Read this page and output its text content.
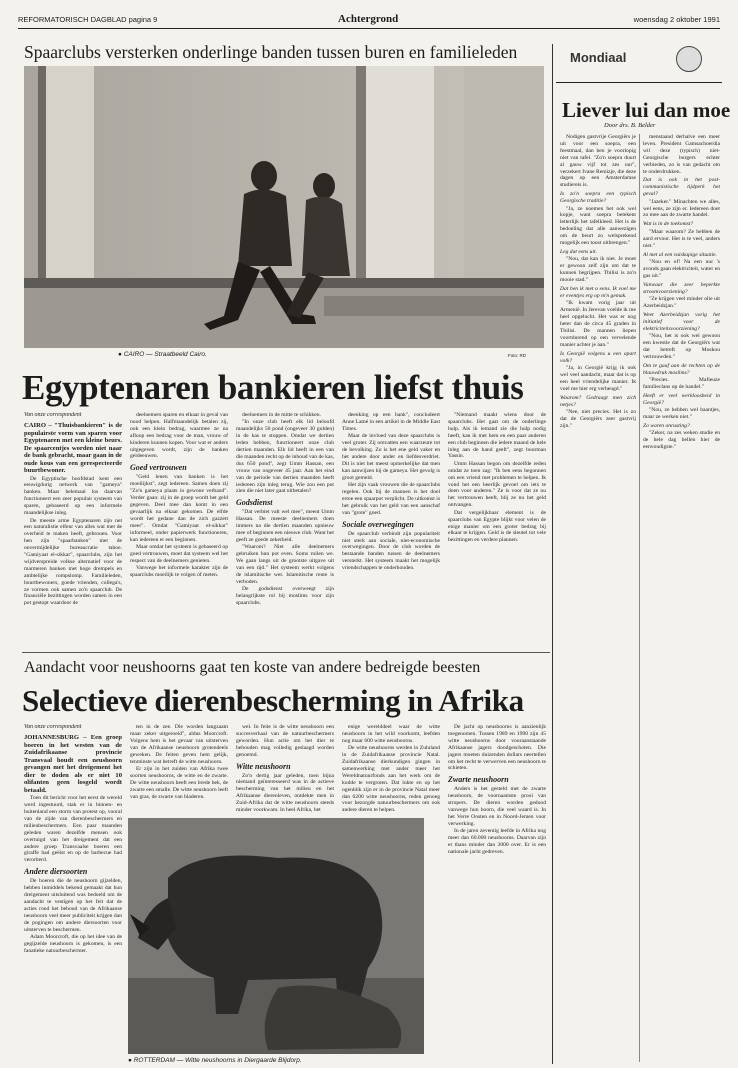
REFORMATORISCH DAGBLAD pagina 9	Achtergrond	woensdag 2 oktober 1991
Spaarclubs versterken onderlinge banden tussen buren en familieleden
● CAIRO — Straatbeeld Cairo.	Foto: RD
Egyptenaren bankieren liefst thuis

Van onze correspondent

CAIRO – "Thuisbankieren" is de populairste vorm van sparen voor Egyptenaren met een kleine beurs. De spaarcentjes worden niet naar de bank gebracht, maar gaan in de oude kous van een gerespecteerde buurtbewoner.

De Egyptische hoofdstad kent een eeuwigdurig netwerk van "gameya" banken. Maar helemaal los daarvan functioneert een zeer populair systeem van sparen, gebaseerd op een informele maandelijkse inleg.

De meeste arme Egyptenaren zijn net een naturalistie elfenr van alles wat met de overheid te maken heeft, gebrouen. Voor hen zijn "spaarbanken" met de onvermijdelijke bureaucratie taboe. "Gamiyaat el-sikkar", spaarclubs, zijn het wijdverspreide volkse alternatief voor de marmeren banken met hoge drempels en ambtelijke rompslomp. Familieleden, buurtbewoners, goede vrienden, collega's, ze vormen ook samen zo'n spaarclub. De financiële bezittingen worden samen in een pot gestopt waardoor de

deelnemers sparen en elkaar in geval van nood helpen. Halfmaandelijk betalen zij, ook een klein bedrag, waarmee ze na afloop een bedrag voor de man, vrouw of kinderen kunnen kopen. Voor wat er anders uitgegeven wordt, zijn de banken geldeeuwen.

Goed vertrouwen

"Geld lenen van banken is het moeilijkst", zegt iedereen. Samen doen zij "Zo'n gameya plaats in gewone verband". Verder gaan: zij in de groep wordt het geld gegeven. Deel mee dan komt in een gevaarlijk na elkaar gekomen. De elfde wordt het gedane dan de zich gazzett meer". Omdat "Gamiyaat el-sikkar" informeel, onder papierwerk functioneren, kan iedereen er een beginnen.

Maar omdat het systeem is gebaseerd op goed vertrouwen, moet dat systeem wel het respect van de deelnemers genieten.

Vanwege het informele karakter zijn de spaarclubs moeilijk te volgen of meten.

deelnemers in de mitte te schikken.

"In onze club heeft elk lid beloofd maandelijks 50 pond (ongeveer 30 gulden) in de kas te stoppen. Omdat we dertien leden hebben, functioneert onze club dertien maanden. Elk lid heeft in een van die maanden recht op de inhoud van de kas, dus 650 pond", zegt Umm Hassan, een vrouw van ongeveer 45 jaar. Aan het eind van de periode van dertien maanden heeft iedereen zijn inleg terug. Wie zou een pot zien die niet later gaat uitbetalen?

Godsdienst

"Dat verbiet valt wel mee", meent Umm Hassan. De meeste deelnemers doen immers na die dertien maanden opnieuw mee of beginnen een nieuwe club. Want het geeft ze goede zekerheid.

"Waarom? Niet alle deelnemers gebruiken hun pot even. Soms ruilen we. We gaan langs uit de grootste uitgave uit van een tijd." Het systeem werkt volgens de islamitische wet. Islamitische rente is verboden.

De godsdienst overweegt zijn belangrijkste rol bij moslims voor zijn spaarclubs.

deenking op een bank", concludeert Anne Lamé in een artikel in de Middle East Times.

Maar de invloed van deze spaarclubs is veel groter. Zij omvatten een waarzeure tot de bevolking. Zo is het ene geld vaker en het andere door ander en liefdesverdriet. Dit is niet het meest opmerkelijke dat men kan aanwijzen bij de gameya. Het gevolg is groot gemeld.

Het zijn vaak vrouwen die de spaarclubs regelen. Ook bij de mannen is het doel ertoe een spaarpot verplicht. De uitkomst is het gebruik van het geld van een aanschaf van "grote" goed.

Sociale overwegingen

De spaarclub verbindt zijn populariteit niet sterk aan sociale, niet-economische overwegingen. Door de club worden de bestaande banden tussen de deelnemers versterkt. Het systeem maakt het mogelijk vriendschappen te onderhouden.

"Niemand maakt wiens door de spaarclubs. Het gaat om de onderlinge hulp. Als ik iemand zie die hulp nodig heeft, kan ik met hem en een paar anderen een club beginnen die iedere maand de hele inleg aan de hand geeft", zegt buurman Yassin.

Umm Hassan begon om dezelfde reden omdat ze toen zag: "Ik ben eens begonnen om een vriend met problemen te helpen. Ik vond het een heerlijk gevoel om iets te doen voor anderen." Ze is voor dat ze nu het vertrouwen heeft, blij ze nu het geld ontvangen.

Dat vergelijkbaar element is de spaarclubs van Egypte blijkt voor velen de enige manier om een groter bedrag bij elkaar te krijgen. Geld is de sleutel tot vele bezittingen en verdere plannen.

Aandacht voor neushoorns gaat ten koste van andere bedreigde beesten
Selectieve dierenbescherming in Afrika

Van onze correspondent

JOHANNESBURG – Een groep boeren in het westen van de Zuidafrikaanse provincie Transvaal houdt een neushoorn gevangen met het dreigement het dier te doden als er niet 10 olifanten geen losgeld wordt betaald.

Toen dit bericht voor het eerst de wereld werd ingestuurd, stak er in binnen- en buitenland een storm van protest op, vooral van de zijde van dierenbeschermers en milieubeschermers. Een paar maanden geleden waren dezelfde mensen ook overtuigd van het dreigement dat een andere groep Transvaalse boeren een giraffe had geëist en op de barbecue had verorberd.

Andere diersoorten

De boeren die de neushoorn gijzelden, hebben inmiddels bekend gemaakt dat hun dreigement uitsluitend was bedoeld om de aandacht te vestigen op het feit dat de acties rond het behoud van de Afrikaanse neushoorn veel meer publiciteit krijgen dan de pogingen om andere diersoorten voor uitsterven te beschermen.

Adam Moorcroft, die op het idee van de gegijzelde neushoorn is gekomen, is een fanatieke natuurbeschermer.

ten in de zee. Die worden langzaam maar zeker uitgeroeid", aldus Moorcroft. Volgens hem is het gevaar van uitsterven van de Afrikaanse neushoorn grotendeels geweken. De feiten geven hem gelijk, tenminste wat betreft de witte neushoorn.

Er zijn in het zuiden van Afrika twee soorten neushoorns, de witte en de zwarte. De witte neushoorn heeft een brede bek, de zwarte een smalle. De witte neushoorn leeft van gras, de zwarte van bladeren.

wel. In feite is de witte neushoorn een succesverhaal van de natuurbeschermers geworden. Hun actie om het dier te behouden mag volledig geslaagd worden genoemd.

Witte neushoorn

Zo'n dertig jaar geleden, toen bijna niemand geïnteresseerd was in de actieve bescherming van het milieu en het Afrikaanse dierenleven, ontdekte men in Zuid-Afrika dat de witte neushoorn steeds minder voorkwam. In heel Afrika, het

enige werelddeel waar de witte neushoorn in het wild voorkomt, leefden nog maar 600 witte neushoorns.

De witte neushoorns werden in Zululand in de Zuidafrikaanse provincie Natal. Zuidafrikaanse dierkundigen gingen in samenwerking met ander meer het Wereldnatuurfonds aan het werk om de kudde te vergroten. Dat lukte en op het ogenblik zijn er in de provincie Natal meer dan 6200 witte neushoorns, reden genoeg voor bezorgde natuurbeschermers om ook andere dieren te helpen.

De jacht op neushoorns is aanzienlijk toegenomen. Tussen 1989 en 1990 zijn 45 witte neushoorns door vooraanstaande Afrikaanse jagers doodgeschoten. Die jagers moeten duizenden dollars neertellen om het recht te verwerven een neushoorn te schieten.

Zwarte neushoorn

Anders is het gesteld met de zwarte neushoorn, de voornaamste prooi van stropers. De dieren worden gedood vanwege hun hoorn, die veel waard is. In het Verre Oosten en in Noord-Jemen voor verwerking.

In de jaren zeventig leefde in Afrika nog meer dan 60.000 neushoorns. Daarvan zijn er thans minder dan 3000 over. Er is een nationale jacht gedreven.

● ROTTERDAM — Witte neushoorns in Diergaarde Blijdorp.
Mondiaal
Liever lui dan moe
Door drs. B. Belder

Nodigen gastvrije Georgiërs je uit voor een soepra, een feestmaal, dan ben je voorlopig niet van tafel. "Zo'n soepra duurt al gauw vijf tot zes uur", verzekert Ivane Remizje, die deze dagen op een Amsterdamse studiereis is.

Is zo'n soepra een typisch Georgische traditie?

"Ja, ze noemen het ook wel kopje, want soepra betekent letterlijk het tafelkleed. Het is de bedoeling dat alle aanwezigen om de beurt zo welsprekend mogelijk een toost uitbrengen."

Leg dat eens uit.

"Nou, dat kan ik niet. Je moet er gewoon zelf zijn om dat te kunnen begrijpen. Tbilisi is zo'n mooie stad."

Dat ben ik met u eens. Ik voel me er eventjes erg op m'n gemak.

"Ik kwam vorig jaar uit Armenië. In Jerevan voelde ik me heel opgelucht. Het was er nog heter dan de circa 45 graden in Tbilisi. De mannen liepen voortdurend op een vervelende manier achter je aan."

Is Georgië volgens u een apart volk?

"Ja, in Georgië krijg ik ook wel veel aandacht, maar dat is op een heel vriendelijke manier. Ik voel me hier erg verheugd."

Waarom? Gedraagt men zich netjes?

"Nee, niet precies. Het is zo dat de Georgiërs zeer gastvrij zijn."

menstaand derhalve een meer leven. President Gamsachoerdia wil deze (typisch) niet-Georgische burgers echter verbieden, zo is van gedacht om te onderdrukken.

Dat is ook in het post-communistische tijdperk het geval?

"Jazeker." Minachten we alles, wel eens, ze zijn er. Iedereen doet zo mee aan de zwarte handel.

Wat is in de toekomst?

"Maar waarom? Ze hebben de aard ervoor. Het is te veel, anders niet."

Al met al een vuiskapige situatie.

"Nou en of! Na een uur 's avonds gaan elektriciteit, water en gas uit."

Vanwaar die zeer beperkte stroomvoorziening?

"Ze krijgen veel minder olie uit Azerbeidzjan."

Weet Azerbeidzjan vorig het initiatief voor de elektriciteitsvoorziening?

"Nou, het is ook wel gewoon een kwestie dat de Georgiërs wat dat betreft op Moskou vertrouwden."

Om te gaaf aan de rechten op de blauwdruk moslims?

"Precies. Mafieuze familieclans op de handel."

Heeft er veel werkloosheid in Georgië?

"Nou, ze hebben wel baantjes, maar ze werken niet."

Zo waren onrusting?

"Zeker, na zes weken studie en de hele dag bellen hier de eenvoudigste."
